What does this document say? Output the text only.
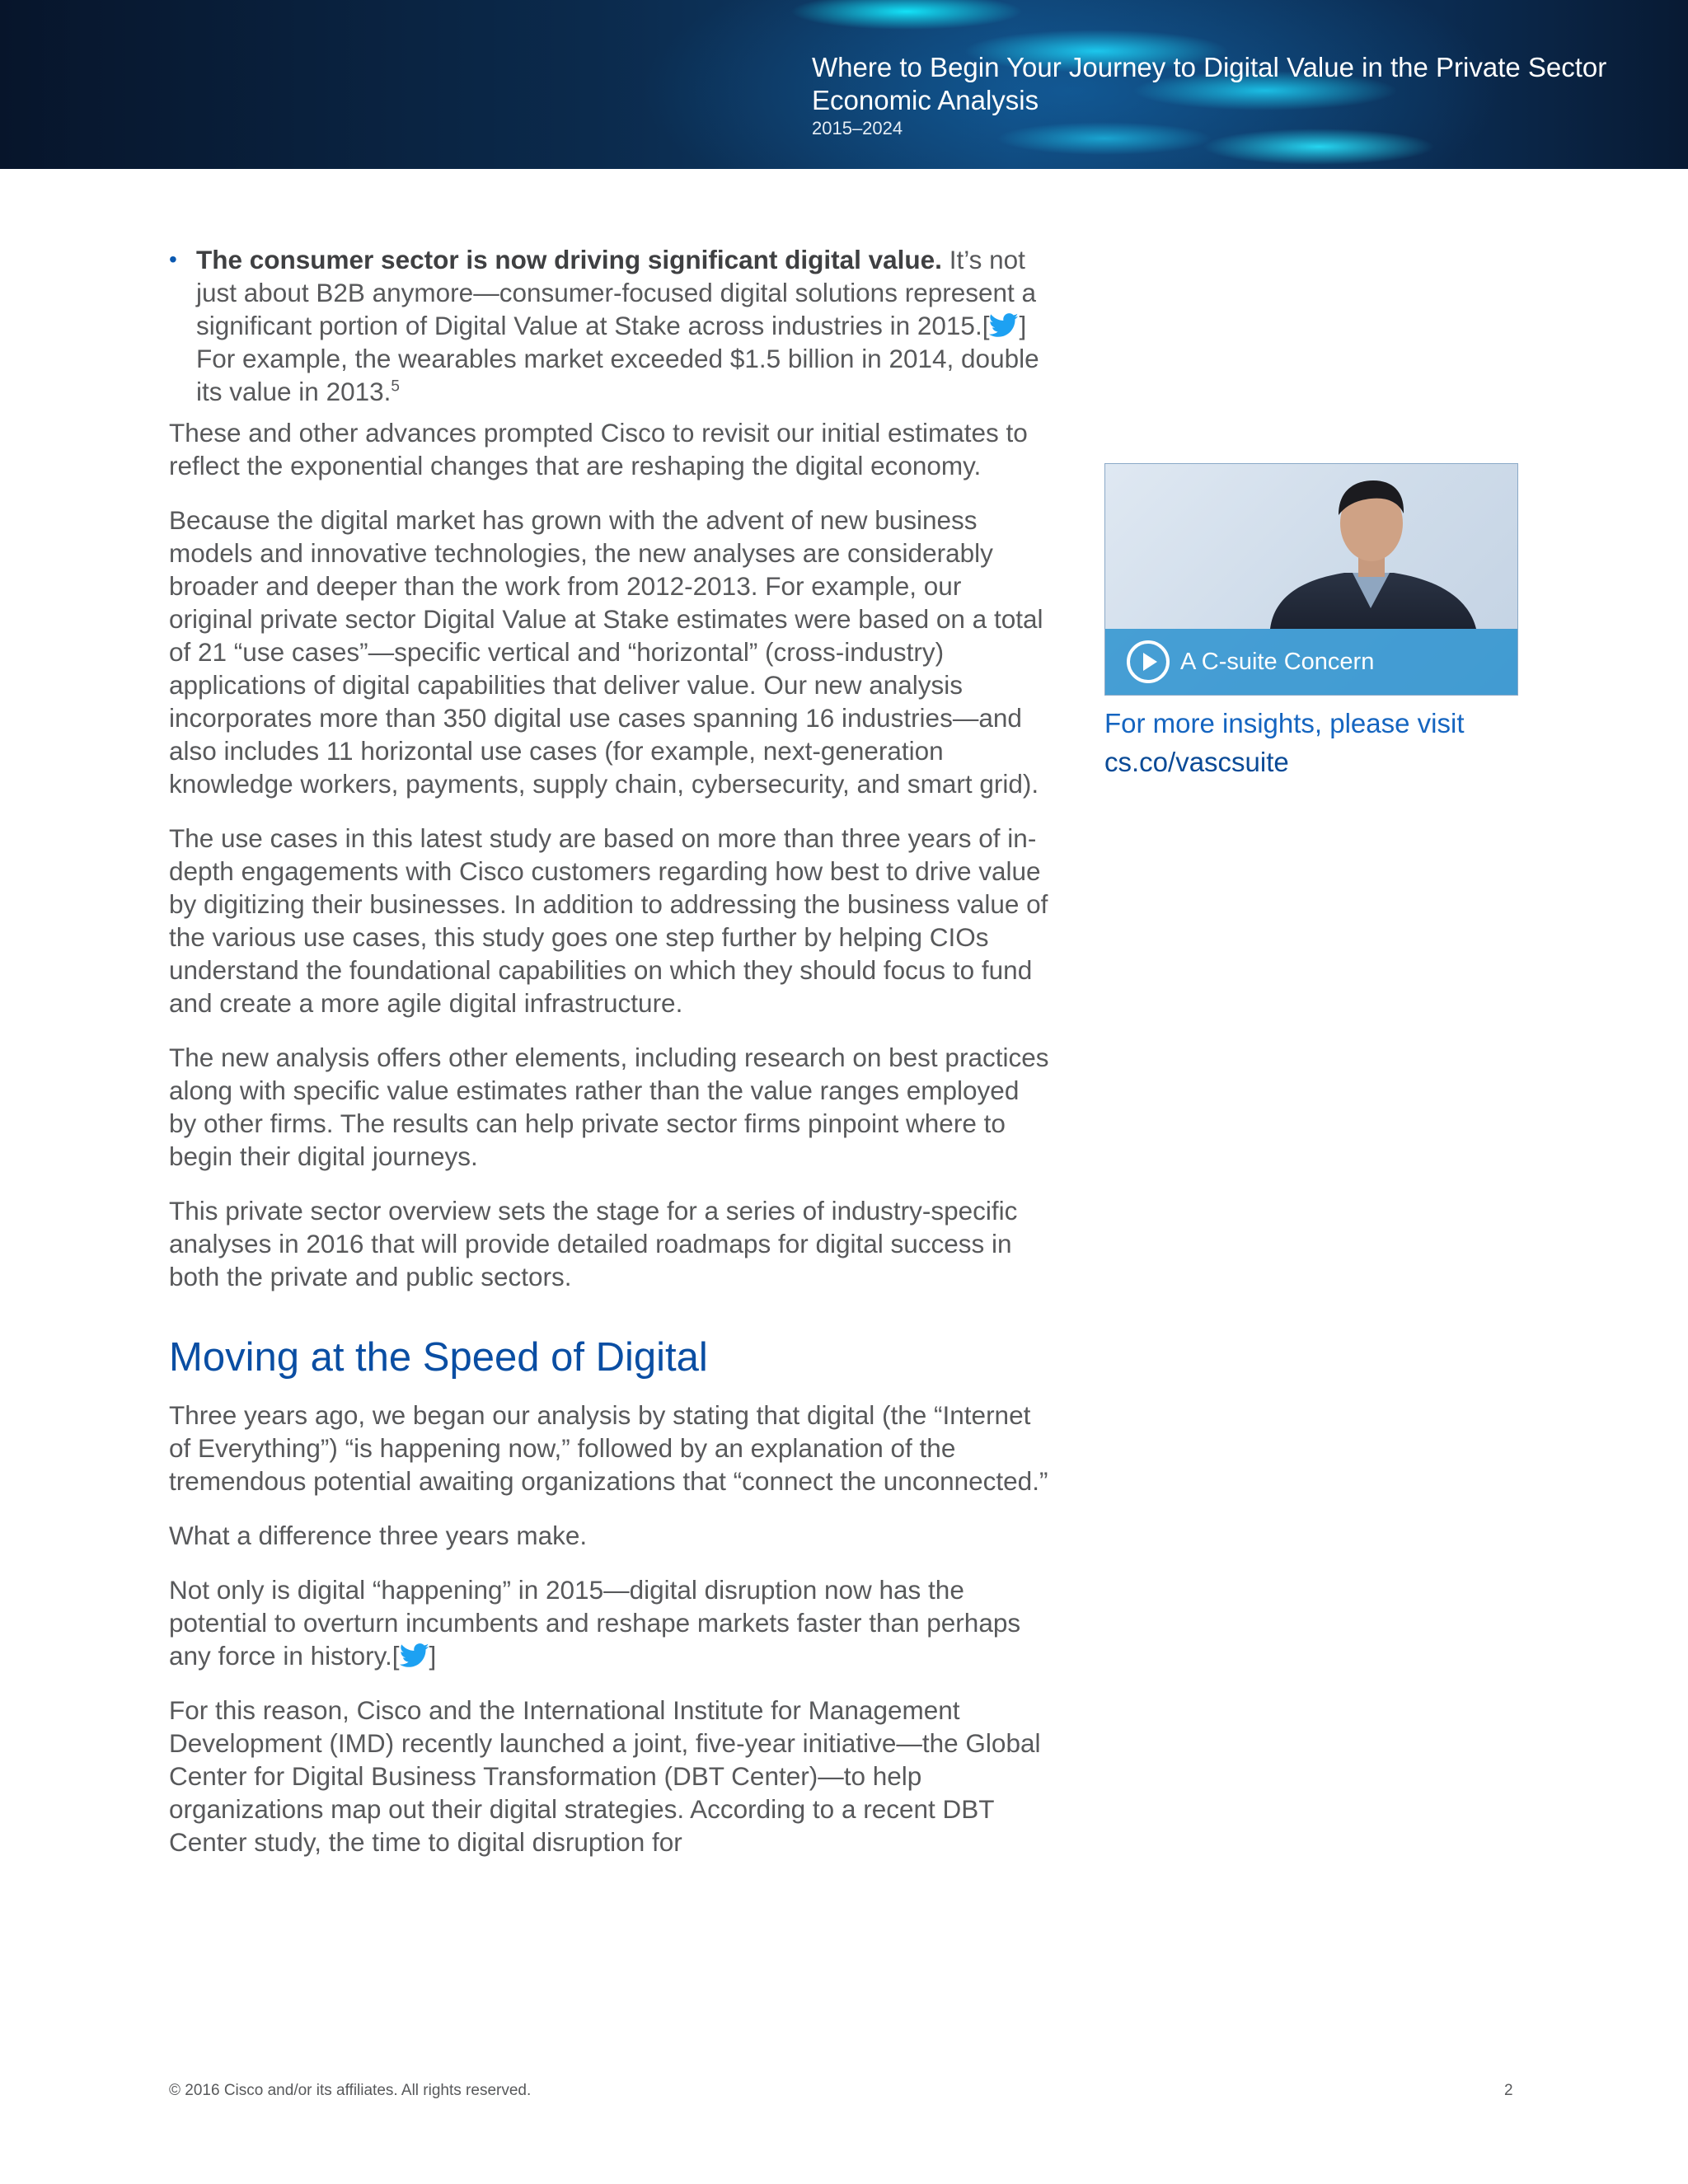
Where to Begin Your Journey to Digital Value in the Private Sector
Economic Analysis
2015–2024
• The consumer sector is now driving significant digital value. It’s not just about B2B anymore—consumer-focused digital solutions represent a significant portion of Digital Value at Stake across industries in 2015.[ ] For example, the wearables market exceeded $1.5 billion in 2014, double its value in 2013.$^5$

These and other advances prompted Cisco to revisit our initial estimates to reflect the exponential changes that are reshaping the digital economy.

Because the digital market has grown with the advent of new business models and innovative technologies, the new analyses are considerably broader and deeper than the work from 2012-2013. For example, our original private sector Digital Value at Stake estimates were based on a total of 21 “use cases”—specific vertical and “horizontal” (cross-industry) applications of digital capabilities that deliver value. Our new analysis incorporates more than 350 digital use cases spanning 16 industries—and also includes 11 horizontal use cases (for example, next-generation knowledge workers, payments, supply chain, cybersecurity, and smart grid).

The use cases in this latest study are based on more than three years of in-depth engagements with Cisco customers regarding how best to drive value by digitizing their businesses. In addition to addressing the business value of the various use cases, this study goes one step further by helping CIOs understand the foundational capabilities on which they should focus to fund and create a more agile digital infrastructure.

The new analysis offers other elements, including research on best practices along with specific value estimates rather than the value ranges employed by other firms. The results can help private sector firms pinpoint where to begin their digital journeys.

This private sector overview sets the stage for a series of industry-specific analyses in 2016 that will provide detailed roadmaps for digital success in both the private and public sectors.

Moving at the Speed of Digital

Three years ago, we began our analysis by stating that digital (the “Internet of Everything”) “is happening now,” followed by an explanation of the tremendous potential awaiting organizations that “connect the unconnected.”

What a difference three years make.

Not only is digital “happening” in 2015—digital disruption now has the potential to overturn incumbents and reshape markets faster than perhaps any force in history.[ ]

For this reason, Cisco and the International Institute for Management Development (IMD) recently launched a joint, five-year initiative—the Global Center for Digital Business Transformation (DBT Center)—to help organizations map out their digital strategies. According to a recent DBT Center study, the time to digital disruption for

A C-suite Concern
For more insights, please visit
cs.co/vascsuite
© 2016 Cisco and/or its affiliates. All rights reserved.	2
